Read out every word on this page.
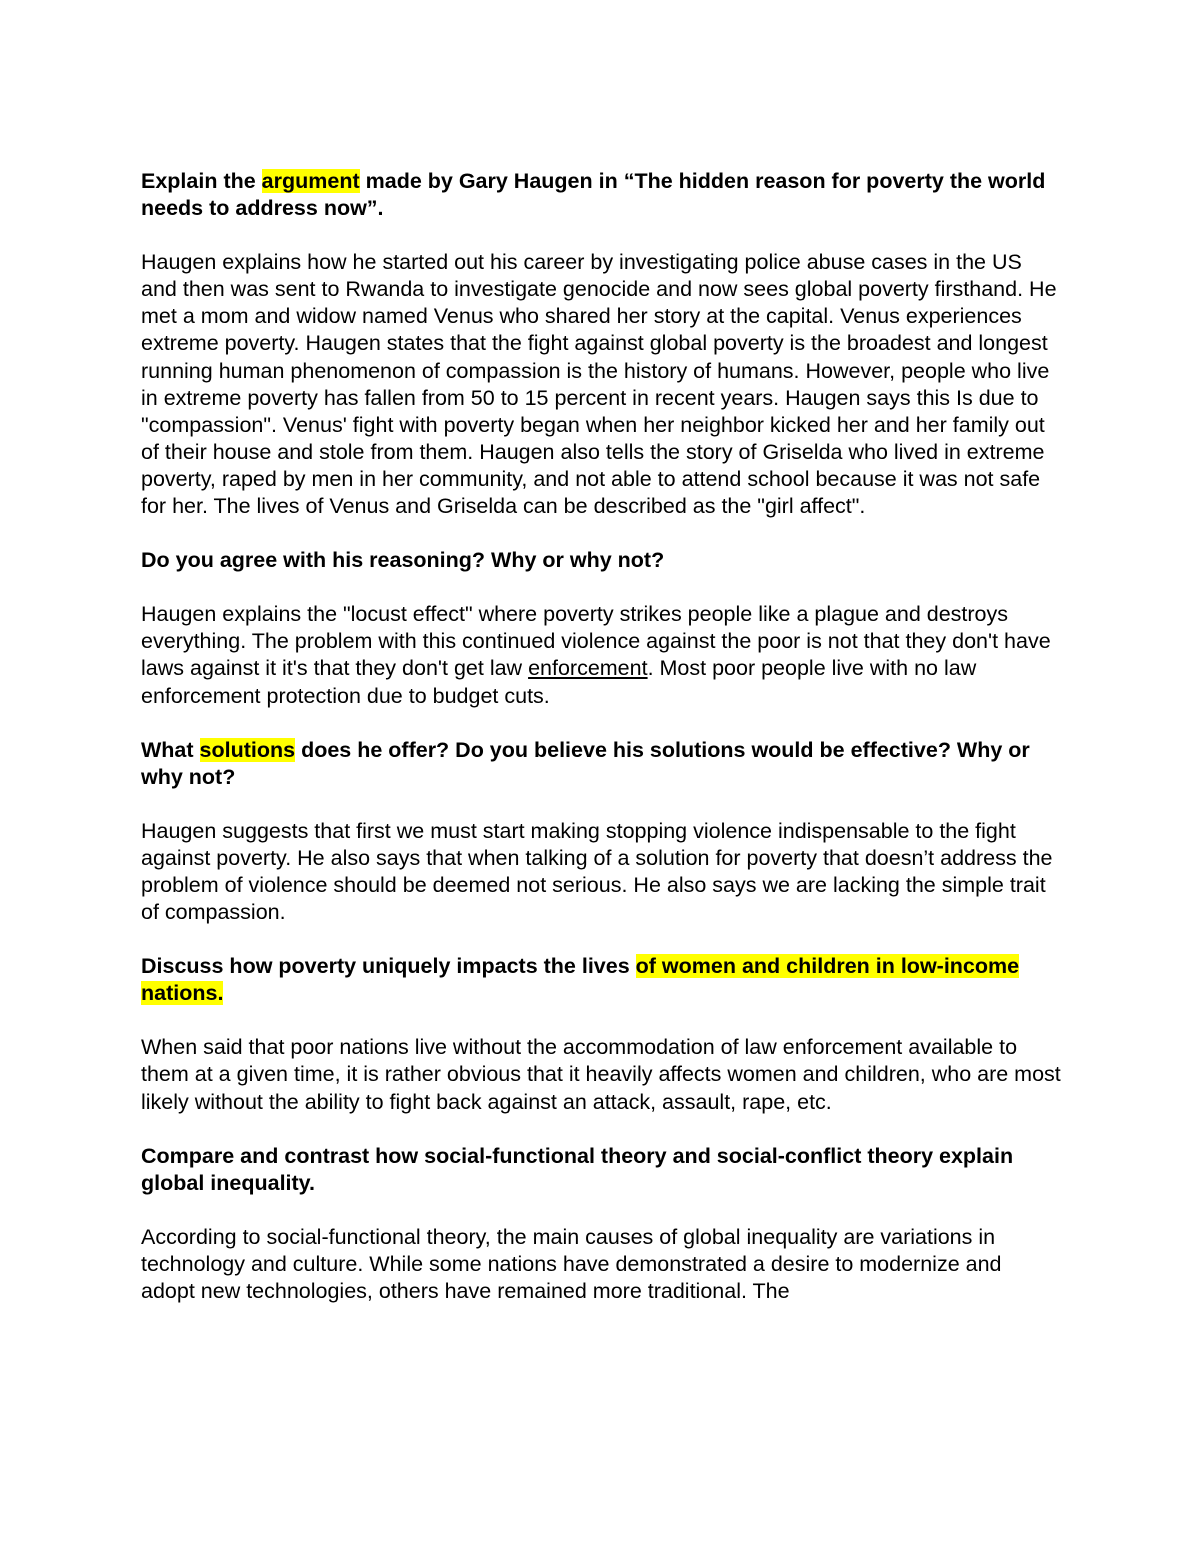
Explain the argument made by Gary Haugen in “The hidden reason for poverty the world needs to address now”.

Haugen explains how he started out his career by investigating police abuse cases in the US and then was sent to Rwanda to investigate genocide and now sees global poverty firsthand. He met a mom and widow named Venus who shared her story at the capital. Venus experiences extreme poverty. Haugen states that the fight against global poverty is the broadest and longest running human phenomenon of compassion is the history of humans. However, people who live in extreme poverty has fallen from 50 to 15 percent in recent years. Haugen says this Is due to "compassion". Venus' fight with poverty began when her neighbor kicked her and her family out of their house and stole from them. Haugen also tells the story of Griselda who lived in extreme poverty, raped by men in her community, and not able to attend school because it was not safe for her. The lives of Venus and Griselda can be described as the "girl affect".

Do you agree with his reasoning? Why or why not?

Haugen explains the "locust effect" where poverty strikes people like a plague and destroys everything. The problem with this continued violence against the poor is not that they don't have laws against it it's that they don't get law enforcement. Most poor people live with no law enforcement protection due to budget cuts.

What solutions does he offer? Do you believe his solutions would be effective? Why or why not?

Haugen suggests that first we must start making stopping violence indispensable to the fight against poverty. He also says that when talking of a solution for poverty that doesn’t address the problem of violence should be deemed not serious. He also says we are lacking the simple trait of compassion.

Discuss how poverty uniquely impacts the lives of women and children in low-income nations.

When said that poor nations live without the accommodation of law enforcement available to them at a given time, it is rather obvious that it heavily affects women and children, who are most likely without the ability to fight back against an attack, assault, rape, etc.

Compare and contrast how social-functional theory and social-conflict theory explain global inequality.

According to social-functional theory, the main causes of global inequality are variations in technology and culture. While some nations have demonstrated a desire to modernize and adopt new technologies, others have remained more traditional. The
